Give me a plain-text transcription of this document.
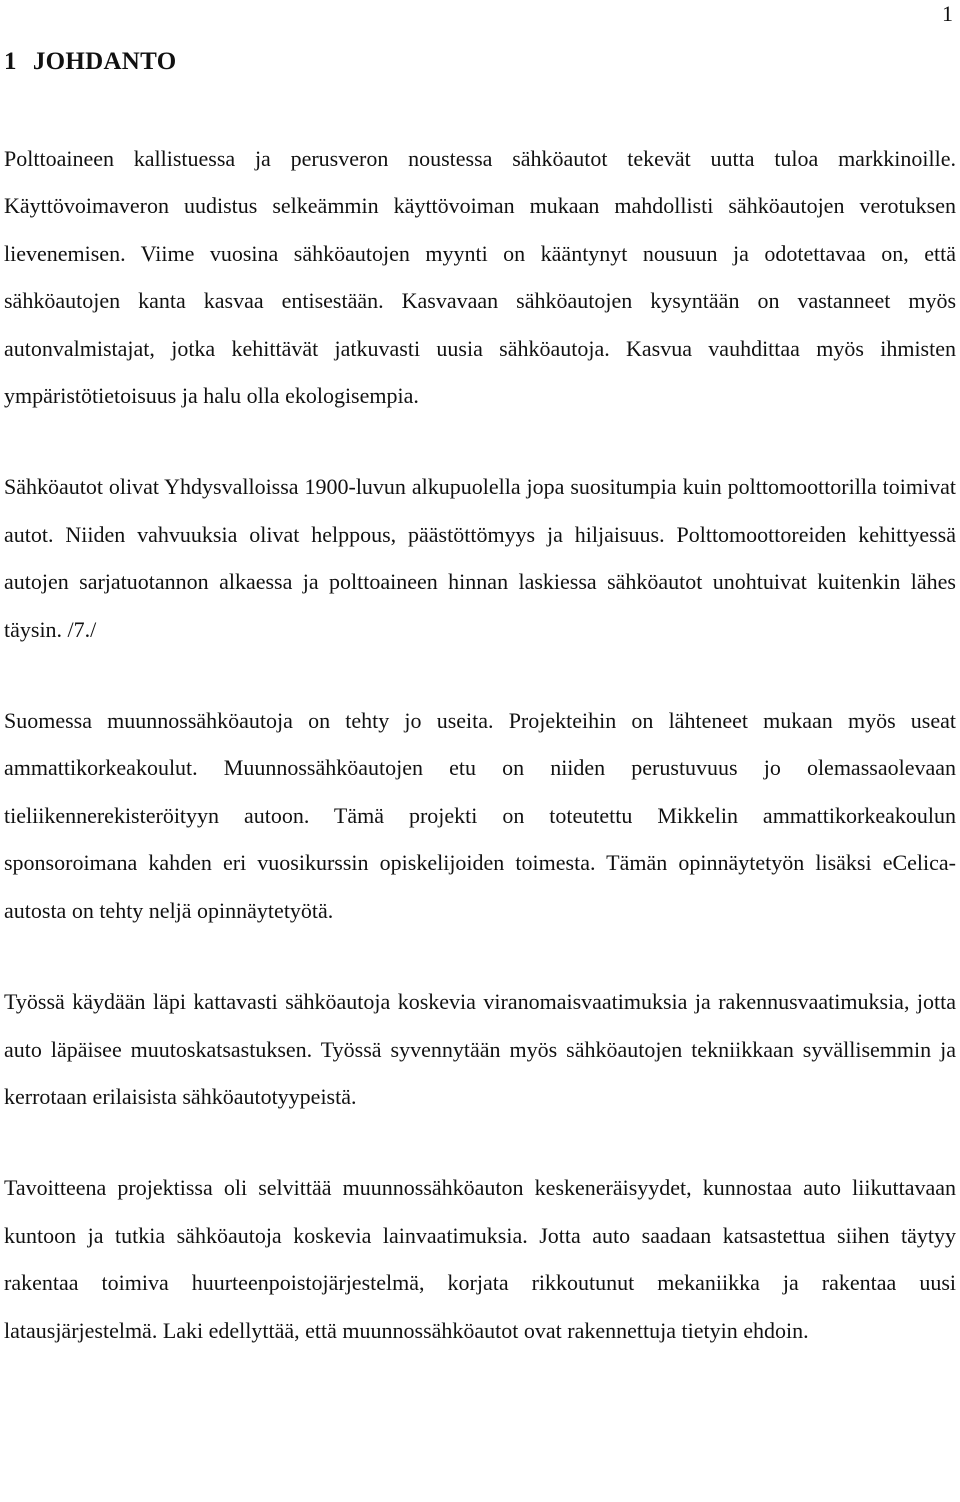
1
1 JOHDANTO

Polttoaineen kallistuessa ja perusveron noustessa sähköautot tekevät uutta tuloa markkinoille. Käyttövoimaveron uudistus selkeämmin käyttövoiman mukaan mahdollisti sähköautojen verotuksen lievenemisen. Viime vuosina sähköautojen myynti on kääntynyt nousuun ja odotettavaa on, että sähköautojen kanta kasvaa entisestään. Kasvavaan sähköautojen kysyntään on vastanneet myös autonvalmistajat, jotka kehittävät jatkuvasti uusia sähköautoja. Kasvua vauhdittaa myös ihmisten ympäristötietoisuus ja halu olla ekologisempia.

Sähköautot olivat Yhdysvalloissa 1900-luvun alkupuolella jopa suositumpia kuin polttomoottorilla toimivat autot. Niiden vahvuuksia olivat helppous, päästöttömyys ja hiljaisuus. Polttomoottoreiden kehittyessä autojen sarjatuotannon alkaessa ja polttoaineen hinnan laskiessa sähköautot unohtuivat kuitenkin lähes täysin. /7./

Suomessa muunnossähköautoja on tehty jo useita. Projekteihin on lähteneet mukaan myös useat ammattikorkeakoulut. Muunnossähköautojen etu on niiden perustuvuus jo olemassaolevaan tieliikennerekisteröityyn autoon. Tämä projekti on toteutettu Mikkelin ammattikorkeakoulun sponsoroimana kahden eri vuosikurssin opiskelijoiden toimesta. Tämän opinnäytetyön lisäksi eCelica-autosta on tehty neljä opinnäytetyötä.

Työssä käydään läpi kattavasti sähköautoja koskevia viranomaisvaatimuksia ja rakennusvaatimuksia, jotta auto läpäisee muutoskatsastuksen. Työssä syvennytään myös sähköautojen tekniikkaan syvällisemmin ja kerrotaan erilaisista sähköautotyypeistä.

Tavoitteena projektissa oli selvittää muunnossähköauton keskeneräisyydet, kunnostaa auto liikuttavaan kuntoon ja tutkia sähköautoja koskevia lainvaatimuksia. Jotta auto saadaan katsastettua siihen täytyy rakentaa toimiva huurteenpoistojärjestelmä, korjata rikkoutunut mekaniikka ja rakentaa uusi latausjärjestelmä. Laki edellyttää, että muunnossähköautot ovat rakennettuja tietyin ehdoin.
